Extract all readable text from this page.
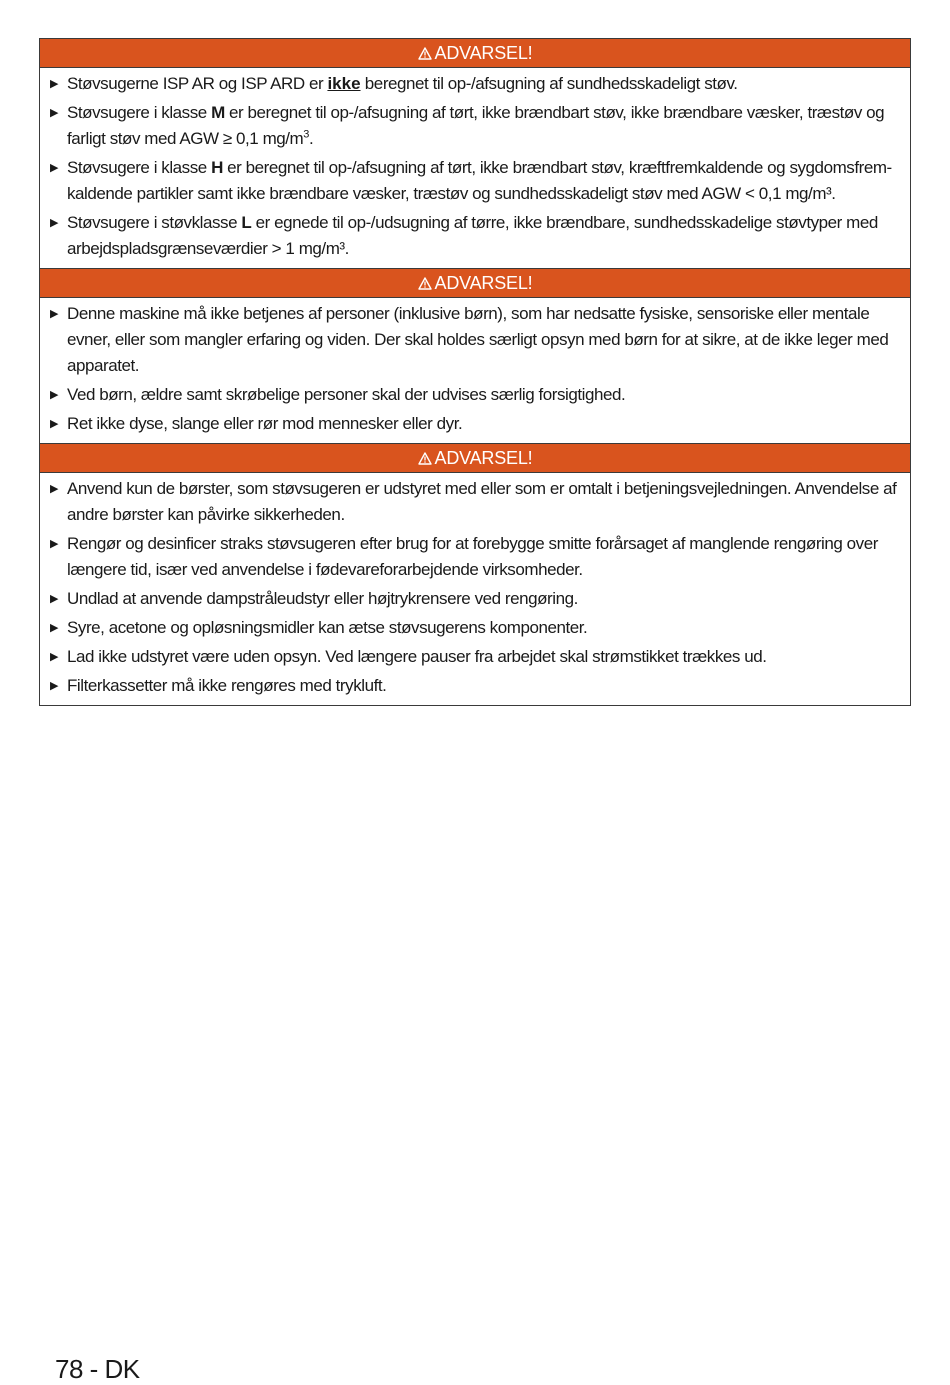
ADVARSEL!
▶ Støvsugerne ISP AR og ISP ARD er ikke beregnet til op-/afsugning af sundhedsskadeligt støv.
▶ Støvsugere i klasse M er beregnet til op-/afsugning af tørt, ikke brændbart støv, ikke brændbare væsker, træstøv og farligt støv med AGW ≥ 0,1 $mg/m^3$.
▶ Støvsugere i klasse H er beregnet til op-/afsugning af tørt, ikke brændbart støv, kræftfremkaldende og sygdomsfrem-kaldende partikler samt ikke brændbare væsker, træstøv og sundhedsskadeligt støv med AGW < 0,1 mg/m³.
▶ Støvsugere i støvklasse L er egnede til op-/udsugning af tørre, ikke brændbare, sundhedsskadelige støvtyper med arbejdspladsgrænseværdier > 1 mg/m³.
ADVARSEL!
▶ Denne maskine må ikke betjenes af personer (inklusive børn), som har nedsatte fysiske, sensoriske eller mentale evner, eller som mangler erfaring og viden. Der skal holdes særligt opsyn med børn for at sikre, at de ikke leger med apparatet.
▶ Ved børn, ældre samt skrøbelige personer skal der udvises særlig forsigtighed.
▶ Ret ikke dyse, slange eller rør mod mennesker eller dyr.
ADVARSEL!
▶ Anvend kun de børster, som støvsugeren er udstyret med eller som er omtalt i betjeningsvejledningen. Anvendelse af andre børster kan påvirke sikkerheden.
▶ Rengør og desinficer straks støvsugeren efter brug for at forebygge smitte forårsaget af manglende rengøring over længere tid, især ved anvendelse i fødevareforarbejdende virksomheder.
▶ Undlad at anvende dampstråleudstyr eller højtrykrensere ved rengøring.
▶ Syre, acetone og opløsningsmidler kan ætse støvsugerens komponenter.
▶ Lad ikke udstyret være uden opsyn. Ved længere pauser fra arbejdet skal strømstikket trækkes ud.
▶ Filterkassetter må ikke rengøres med trykluft.
78 - DK
